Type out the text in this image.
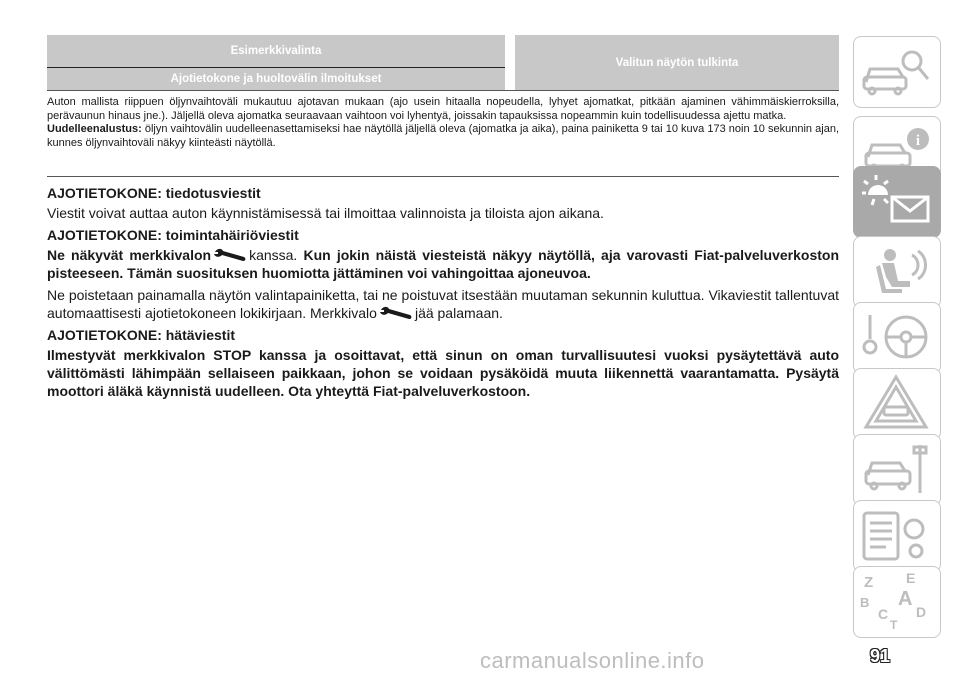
Esimerkkivalinta
Ajotietokone ja huoltovälin ilmoitukset
Valitun näytön tulkinta

Auton mallista riippuen öljynvaihtoväli mukautuu ajotavan mukaan (ajo usein hitaalla nopeudella, lyhyet ajomatkat, pitkään ajaminen vähimmäiskierroksilla, perävaunun hinaus jne.). Jäljellä oleva ajomatka seuraavaan vaihtoon voi lyhentyä, joissakin tapauksissa nopeammin kuin todellisuudessa ajettu matka.

Uudelleenalustus: öljyn vaihtovälin uudelleenasettamiseksi hae näytöllä jäljellä oleva (ajomatka ja aika), paina painiketta 9 tai 10 kuva 173 noin 10 sekunnin ajan, kunnes öljynvaihtoväli näkyy kiinteästi näytöllä.

AJOTIETOKONE: tiedotusviestit

Viestit voivat auttaa auton käynnistämisessä tai ilmoittaa valinnoista ja tiloista ajon aikana.

AJOTIETOKONE: toimintahäiriöviestit

Ne näkyvät merkkivalon	kanssa. Kun jokin näistä viesteistä näkyy näytöllä, aja varovasti Fiat-palveluverkoston pisteeseen. Tämän suosituksen huomiotta jättäminen voi vahingoittaa ajoneuvoa.

Ne poistetaan painamalla näytön valintapainiketta, tai ne poistuvat itsestään muutaman sekunnin kuluttua. Vikaviestit tallentuvat automaattisesti ajotietokoneen lokikirjaan. Merkkivalo	jää palamaan.

AJOTIETOKONE: hätäviestit

Ilmestyvät merkkivalon STOP kanssa ja osoittavat, että sinun on oman turvallisuutesi vuoksi pysäytettävä auto välittömästi lähimpään sellaiseen paikkaan, johon se voidaan pysäköidä muuta liikennettä vaarantamatta. Pysäytä moottori äläkä käynnistä uudelleen. Ota yhteyttä Fiat-palveluverkostoon.

i
Z E
A
B
C
T
D
carmanualsonline.info	91
